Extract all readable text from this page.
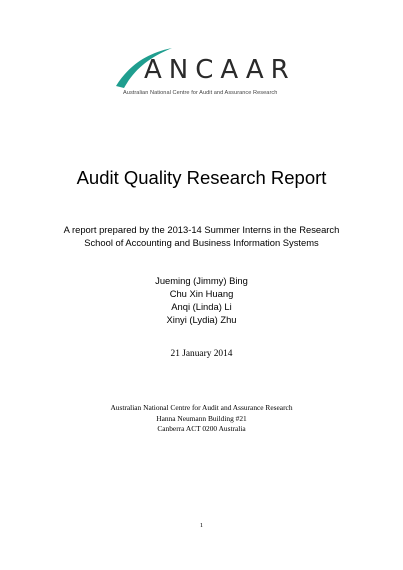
ANCAAR
Australian National Centre for Audit and Assurance Research
Audit Quality Research Report
A report prepared by the 2013-14 Summer Interns in the Research
School of Accounting and Business Information Systems
Jueming (Jimmy) Bing
Chu Xin Huang
Anqi (Linda) Li
Xinyi (Lydia) Zhu
21 January 2014
Australian National Centre for Audit and Assurance Research
Hanna Neumann Building #21
Canberra ACT 0200 Australia
1
